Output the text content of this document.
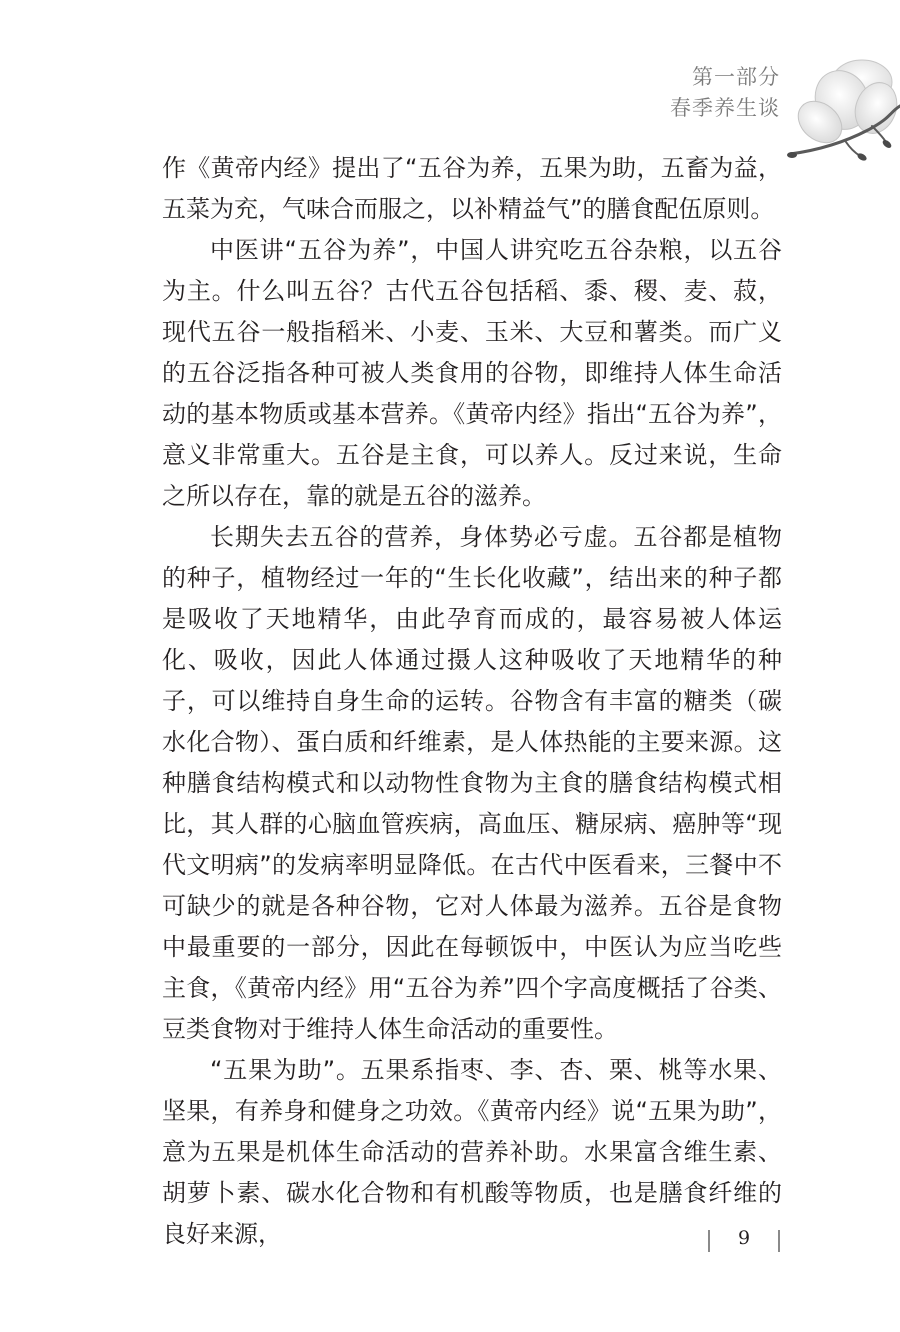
第一部分
春季养生谈

作《黄帝内经》提出了“五谷为养，五果为助，五畜为益，五菜为充，气味合而服之，以补精益气”的膳食配伍原则。

中医讲“五谷为养”，中国人讲究吃五谷杂粮，以五谷为主。什么叫五谷？古代五谷包括稻、黍、稷、麦、菽，现代五谷一般指稻米、小麦、玉米、大豆和薯类。而广义的五谷泛指各种可被人类食用的谷物，即维持人体生命活动的基本物质或基本营养。《黄帝内经》指出“五谷为养”，意义非常重大。五谷是主食，可以养人。反过来说，生命之所以存在，靠的就是五谷的滋养。

长期失去五谷的营养，身体势必亏虚。五谷都是植物的种子，植物经过一年的“生长化收藏”，结出来的种子都是吸收了天地精华，由此孕育而成的，最容易被人体运化、吸收，因此人体通过摄人这种吸收了天地精华的种子，可以维持自身生命的运转。谷物含有丰富的糖类（碳水化合物）、蛋白质和纤维素，是人体热能的主要来源。这种膳食结构模式和以动物性食物为主食的膳食结构模式相比，其人群的心脑血管疾病，高血压、糖尿病、癌肿等“现代文明病”的发病率明显降低。在古代中医看来，三餐中不可缺少的就是各种谷物，它对人体最为滋养。五谷是食物中最重要的一部分，因此在每顿饭中，中医认为应当吃些主食，《黄帝内经》用“五谷为养”四个字高度概括了谷类、豆类食物对于维持人体生命活动的重要性。

“五果为助”。五果系指枣、李、杏、栗、桃等水果、坚果，有养身和健身之功效。《黄帝内经》说“五果为助”，意为五果是机体生命活动的营养补助。水果富含维生素、胡萝卜素、碳水化合物和有机酸等物质，也是膳食纤维的良好来源，	9
